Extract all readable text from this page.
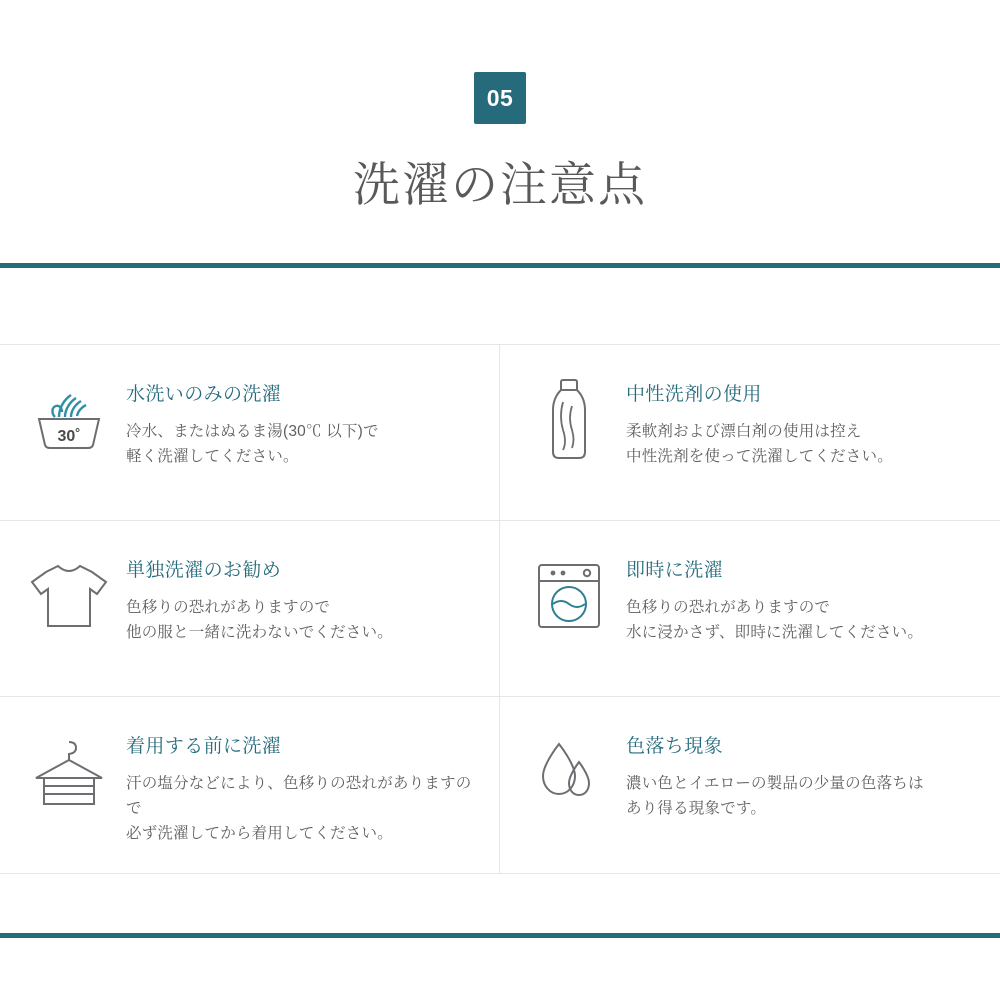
05
洗濯の注意点
30˚
水洗いのみの洗濯
冷水、またはぬるま湯(30℃ 以下)で
軽く洗濯してください。
中性洗剤の使用
柔軟剤および漂白剤の使用は控え
中性洗剤を使って洗濯してください。
単独洗濯のお勧め
色移りの恐れがありますので
他の服と一緒に洗わないでください。
即時に洗濯
色移りの恐れがありますので
水に浸かさず、即時に洗濯してください。
着用する前に洗濯
汗の塩分などにより、色移りの恐れがありますので
必ず洗濯してから着用してください。
色落ち現象
濃い色とイエローの製品の少量の色落ちは
あり得る現象です。
